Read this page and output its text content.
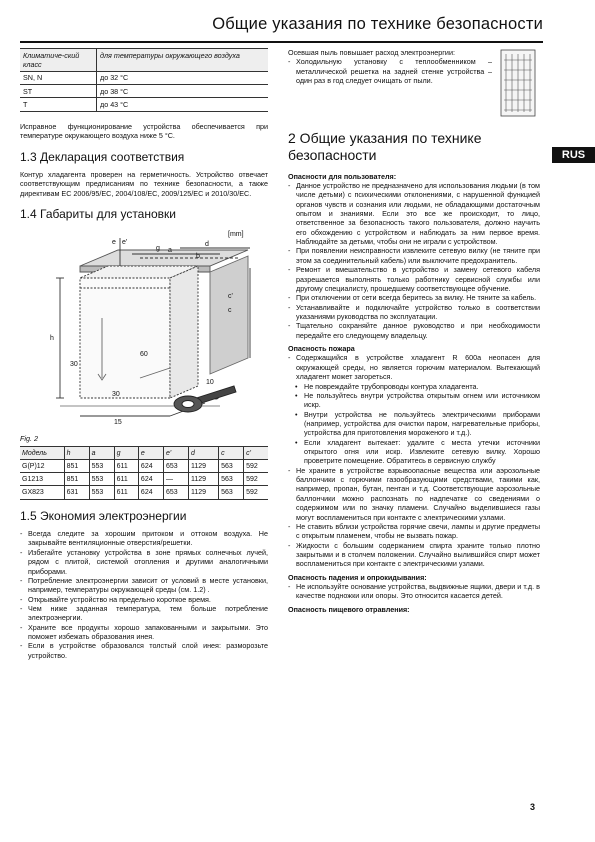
Общие указания по технике безопасности
RUS
Климатиче-ский класс	для температуры окружающего воздуха
SN, N	до 32 °C
ST	до 38 °C
T	до 43 °C

Исправное функционирование устройства обеспечивается при температуре окружающего воздуха ниже 5 °C.

1.3 Декларация соответствия

Контур хладагента проверен на герметичность. Устройство отвечает соответствующим предписаниям по технике безопасности, а также директивам EC 2006/95/EC, 2004/108/EC, 2009/125/EC и 2010/30/EC.

1.4 Габариты для установки
[mm]
h
e e'
a
g
d
b
c'
c
30
30
60
10
15
Fig. 2
Модель	h	a	g	e	e'	d	c	c'
G(P)12	851	553	611	624	653	1129	563	592
G1213	851	553	611	624	—	1129	563	592
GX823	631	553	611	624	653	1129	563	592
1.5 Экономия электроэнергии
- Всегда следите за хорошим притоком и оттоком воздуха. Не закрывайте вентиляционные отверстия/решетки.
- Избегайте установку устройства в зоне прямых солнечных лучей, рядом с плитой, системой отопления и другими аналогичными приборами.
- Потребление электроэнергии зависит от условий в месте установки, например, температуры окружающей среды (см. 1.2) .
- Открывайте устройство на предельно короткое время.
- Чем ниже заданная температура, тем больше потребление электроэнергии.
- Храните все продукты хорошо запакованными и закрытыми. Это поможет избежать образования инея.
- Если в устройстве образовался толстый слой инея: разморозьте устройство.

Осевшая пыль повышает расход электроэнергии:

- Холодильную установку с теплообменником – металлической решетка на задней стенке устройства – один раз в год следует очищать от пыли.
2 Общие указания по технике безопасности
Опасности для пользователя:
- Данное устройство не предназначено для использования людьми (в том числе детьми) с психическими отклонениями, с нарушенной функцией органов чувств и сознания или людьми, не обладающими достаточным опытом и знаниями. Если это все же происходит, то лицо, ответственное за безопасность такого пользователя, должно научить его обхождению с устройством и наблюдать за ним первое время. Наблюдайте за детьми, чтобы они не играли с устройством.
- При появлении неисправности извлеките сетевую вилку (не тяните при этом за соединительный кабель) или выключите предохранитель.
- Ремонт и вмешательство в устройство и замену сетевого кабеля разрешается выполнять только работнику сервисной службы или другому специалисту, прошедшему соответствующее обучение.
- При отключении от сети всегда беритесь за вилку. Не тяните за кабель.
- Устанавливайте и подключайте устройство только в соответствии указаниями руководства по эксплуатации.
- Тщательно сохраняйте данное руководство и при необходимости передайте его следующему владельцу.
Опасность пожара
- Содержащийся в устройстве хладагент R 600a неопасен для окружающей среды, но является горючим материалом. Вытекающий хладагент может загореться.
• Не повреждайте трубопроводы контура хладагента.
• Не пользуйтесь внутри устройства открытым огнем или источником искр.
• Внутри устройства не пользуйтесь электрическими приборами (например, устройства для очистки паром, нагревательные приборы, устройства для приготовления мороженого и т.д.).
• Если хладагент вытекает: удалите с места утечки источники открытого огня или искр. Извлеките сетевую вилку. Хорошо проветрите помещение. Обратитесь в сервисную службу
- Не храните в устройстве взрывоопасные вещества или аэрозольные баллончики с горючими газообразующими средствами, такими как, например, пропан, бутан, пентан и т.д. Соответствующие аэрозольные баллончики можно распознать по надпечатке со сведениями о содержимом или по значку пламени. Случайно выделившиеся газы могут воспламениться при контакте с электрическими узлами.
- Не ставить вблизи устройства горячие свечи, лампы и другие предметы с открытым пламенем, чтобы не вызвать пожар.
- Жидкости с большим содержанием спирта храните только плотно закрытыми и в столчем положении. Случайно вылившийся спирт может воспламениться при контакте с электрическими узлами.
Опасность падения и опрокидывания:
- Не используйте основание устройства, выдвижные ящики, двери и т.д. в качестве подножки или опоры. Это относится касается детей.
Опасность пищевого отравления:
3
